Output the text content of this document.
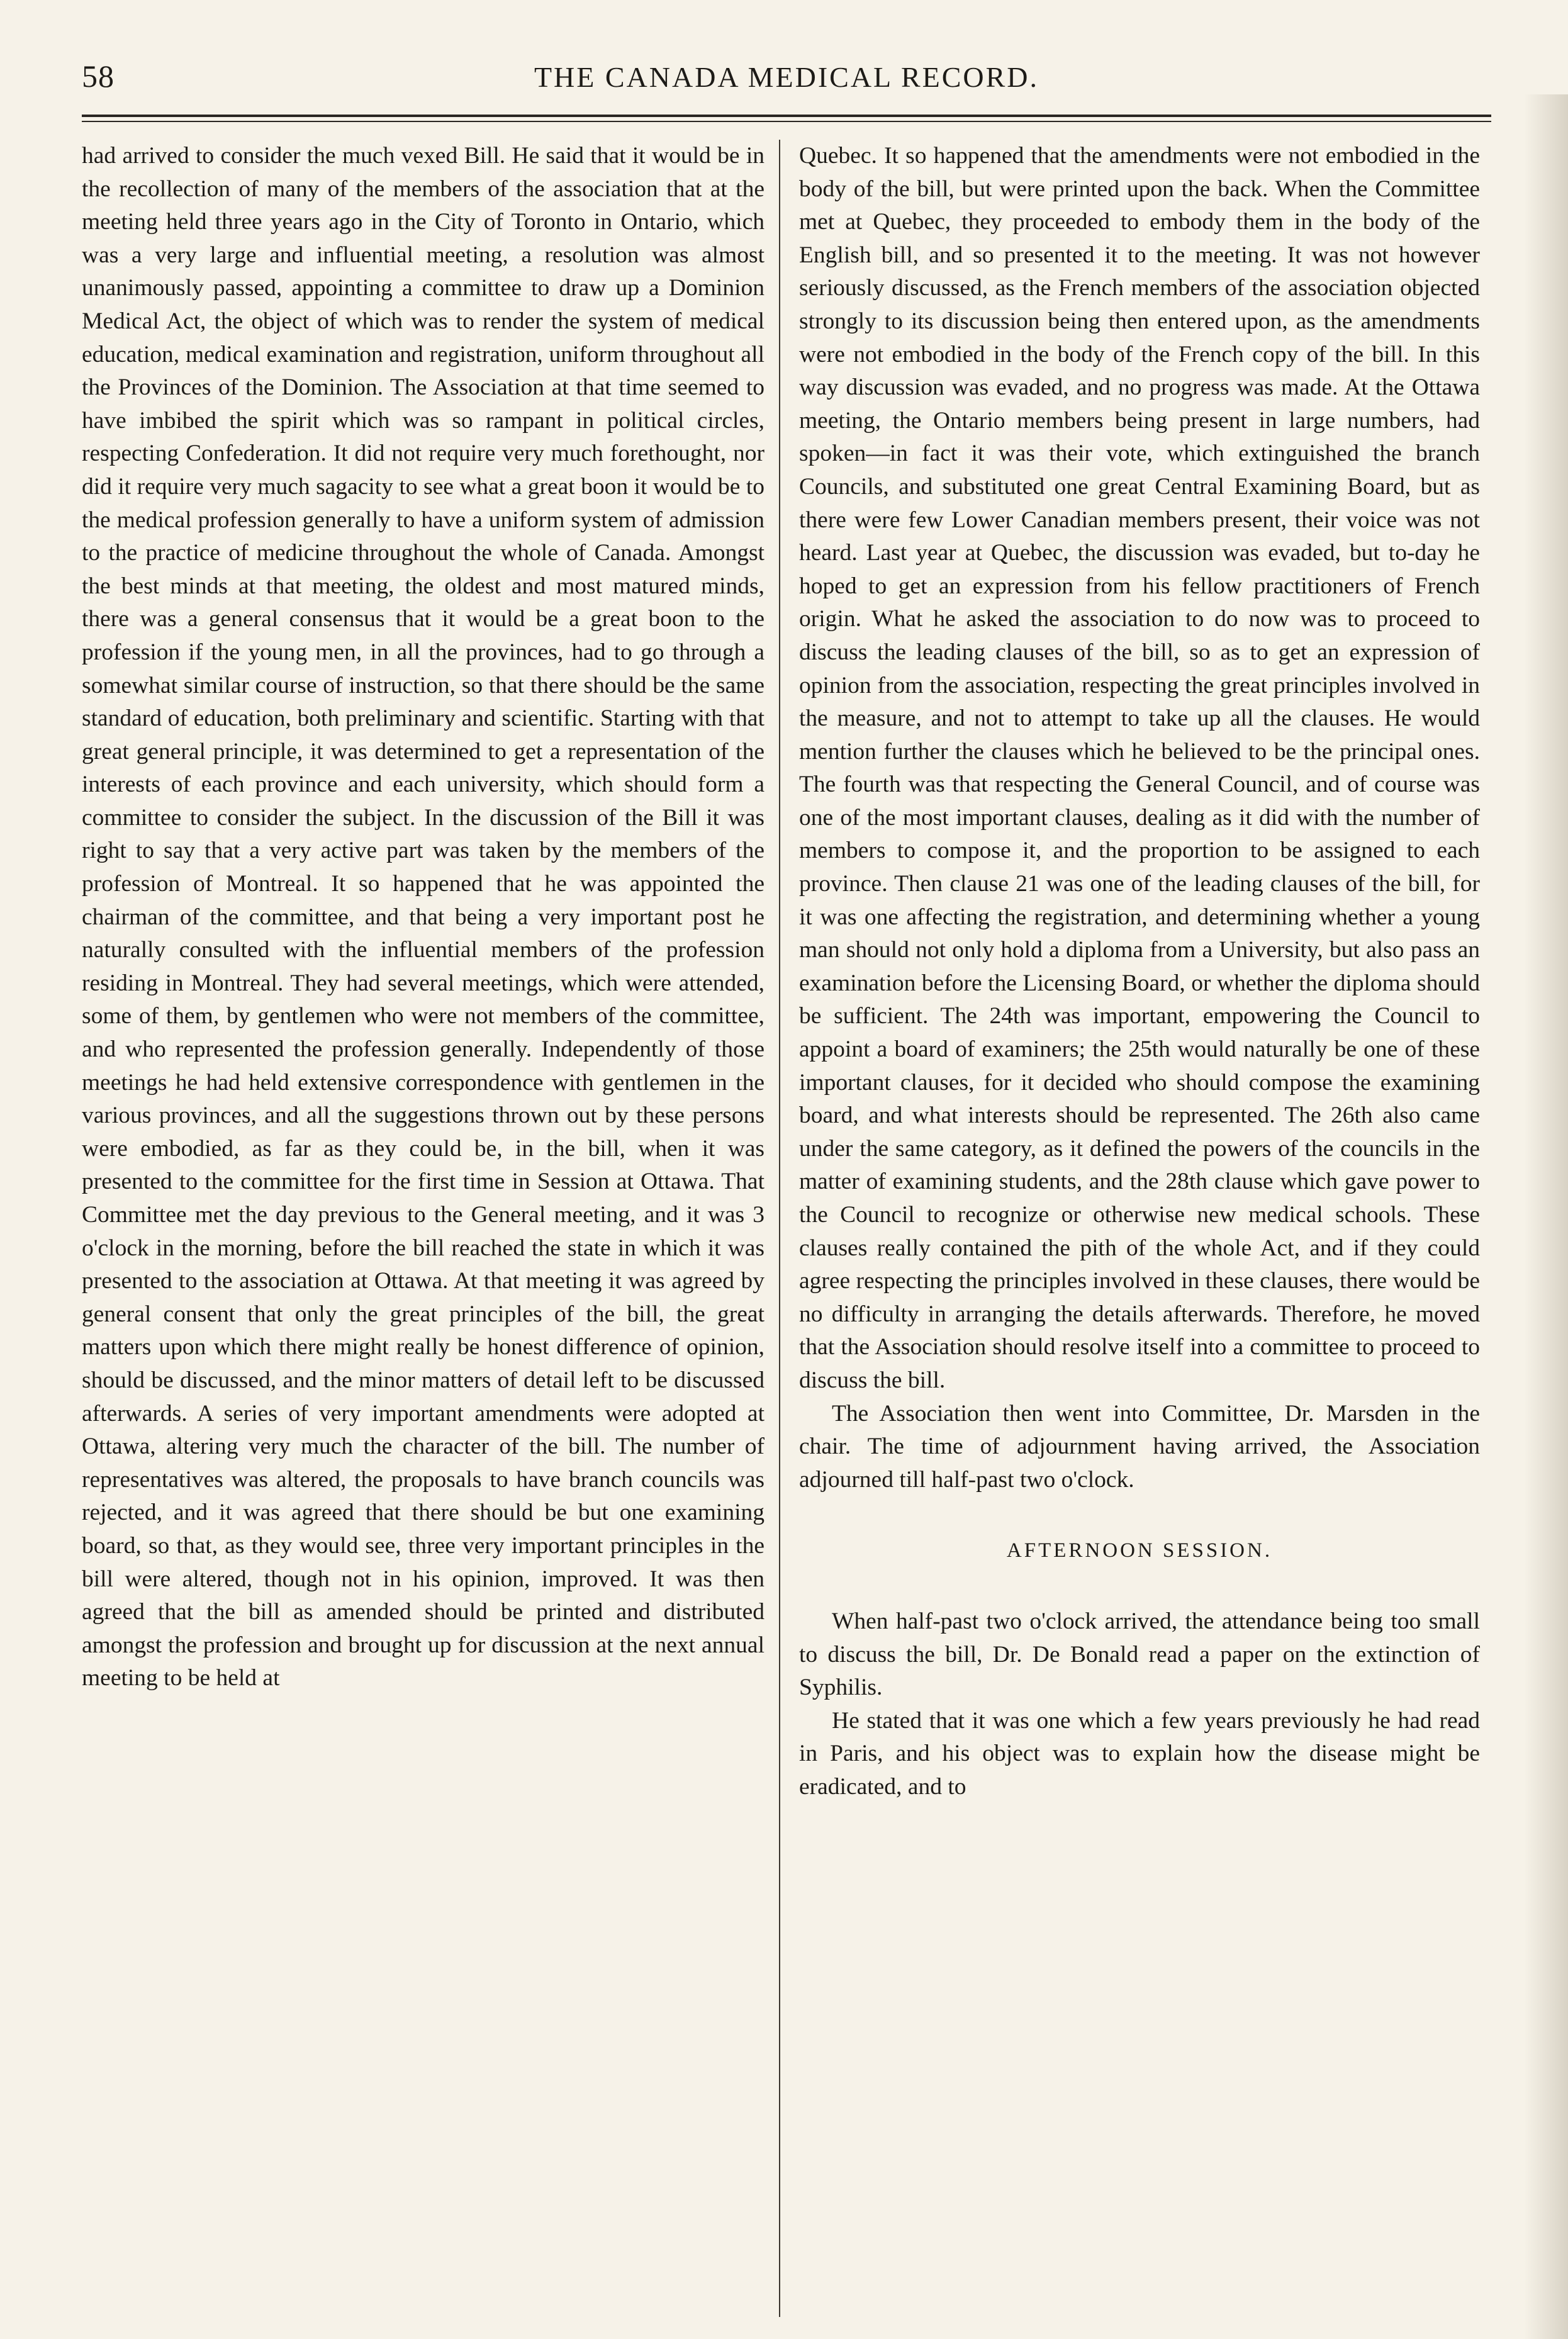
58	THE CANADA MEDICAL RECORD.

had arrived to consider the much vexed Bill. He said that it would be in the recollection of many of the members of the association that at the meeting held three years ago in the City of Toronto in Ontario, which was a very large and influential meeting, a resolution was almost unanimously passed, appointing a committee to draw up a Dominion Medical Act, the object of which was to render the system of medical education, medical examination and registration, uniform throughout all the Provinces of the Dominion. The Association at that time seemed to have imbibed the spirit which was so rampant in political circles, respecting Confederation. It did not require very much forethought, nor did it require very much sagacity to see what a great boon it would be to the medical profession generally to have a uniform system of admission to the practice of medicine throughout the whole of Canada. Amongst the best minds at that meeting, the oldest and most matured minds, there was a general consensus that it would be a great boon to the profession if the young men, in all the provinces, had to go through a somewhat similar course of instruction, so that there should be the same standard of education, both preliminary and scientific. Starting with that great general principle, it was determined to get a representation of the interests of each province and each university, which should form a committee to consider the subject. In the discussion of the Bill it was right to say that a very active part was taken by the members of the profession of Montreal. It so happened that he was appointed the chairman of the committee, and that being a very important post he naturally consulted with the influential members of the profession residing in Montreal. They had several meetings, which were attended, some of them, by gentlemen who were not members of the committee, and who represented the profession generally. Independently of those meetings he had held extensive correspondence with gentlemen in the various provinces, and all the suggestions thrown out by these persons were embodied, as far as they could be, in the bill, when it was presented to the committee for the first time in Session at Ottawa. That Committee met the day previous to the General meeting, and it was 3 o'clock in the morning, before the bill reached the state in which it was presented to the association at Ottawa. At that meeting it was agreed by general consent that only the great principles of the bill, the great matters upon which there might really be honest difference of opinion, should be discussed, and the minor matters of detail left to be discussed afterwards. A series of very important amendments were adopted at Ottawa, altering very much the character of the bill. The number of representatives was altered, the proposals to have branch councils was rejected, and it was agreed that there should be but one examining board, so that, as they would see, three very important principles in the bill were altered, though not in his opinion, improved. It was then agreed that the bill as amended should be printed and distributed amongst the profession and brought up for discussion at the next annual meeting to be held at

Quebec. It so happened that the amendments were not embodied in the body of the bill, but were printed upon the back. When the Committee met at Quebec, they proceeded to embody them in the body of the English bill, and so presented it to the meeting. It was not however seriously discussed, as the French members of the association objected strongly to its discussion being then entered upon, as the amendments were not embodied in the body of the French copy of the bill. In this way discussion was evaded, and no progress was made. At the Ottawa meeting, the Ontario members being present in large numbers, had spoken—in fact it was their vote, which extinguished the branch Councils, and substituted one great Central Examining Board, but as there were few Lower Canadian members present, their voice was not heard. Last year at Quebec, the discussion was evaded, but to-day he hoped to get an expression from his fellow practitioners of French origin. What he asked the association to do now was to proceed to discuss the leading clauses of the bill, so as to get an expression of opinion from the association, respecting the great principles involved in the measure, and not to attempt to take up all the clauses. He would mention further the clauses which he believed to be the principal ones. The fourth was that respecting the General Council, and of course was one of the most important clauses, dealing as it did with the number of members to compose it, and the proportion to be assigned to each province. Then clause 21 was one of the leading clauses of the bill, for it was one affecting the registration, and determining whether a young man should not only hold a diploma from a University, but also pass an examination before the Licensing Board, or whether the diploma should be sufficient. The 24th was important, empowering the Council to appoint a board of examiners; the 25th would naturally be one of these important clauses, for it decided who should compose the examining board, and what interests should be represented. The 26th also came under the same category, as it defined the powers of the councils in the matter of examining students, and the 28th clause which gave power to the Council to recognize or otherwise new medical schools. These clauses really contained the pith of the whole Act, and if they could agree respecting the principles involved in these clauses, there would be no difficulty in arranging the details afterwards. Therefore, he moved that the Association should resolve itself into a committee to proceed to discuss the bill.

The Association then went into Committee, Dr. Marsden in the chair. The time of adjournment having arrived, the Association adjourned till half-past two o'clock.

AFTERNOON SESSION.

When half-past two o'clock arrived, the attendance being too small to discuss the bill, Dr. De Bonald read a paper on the extinction of Syphilis.

He stated that it was one which a few years previously he had read in Paris, and his object was to explain how the disease might be eradicated, and to
